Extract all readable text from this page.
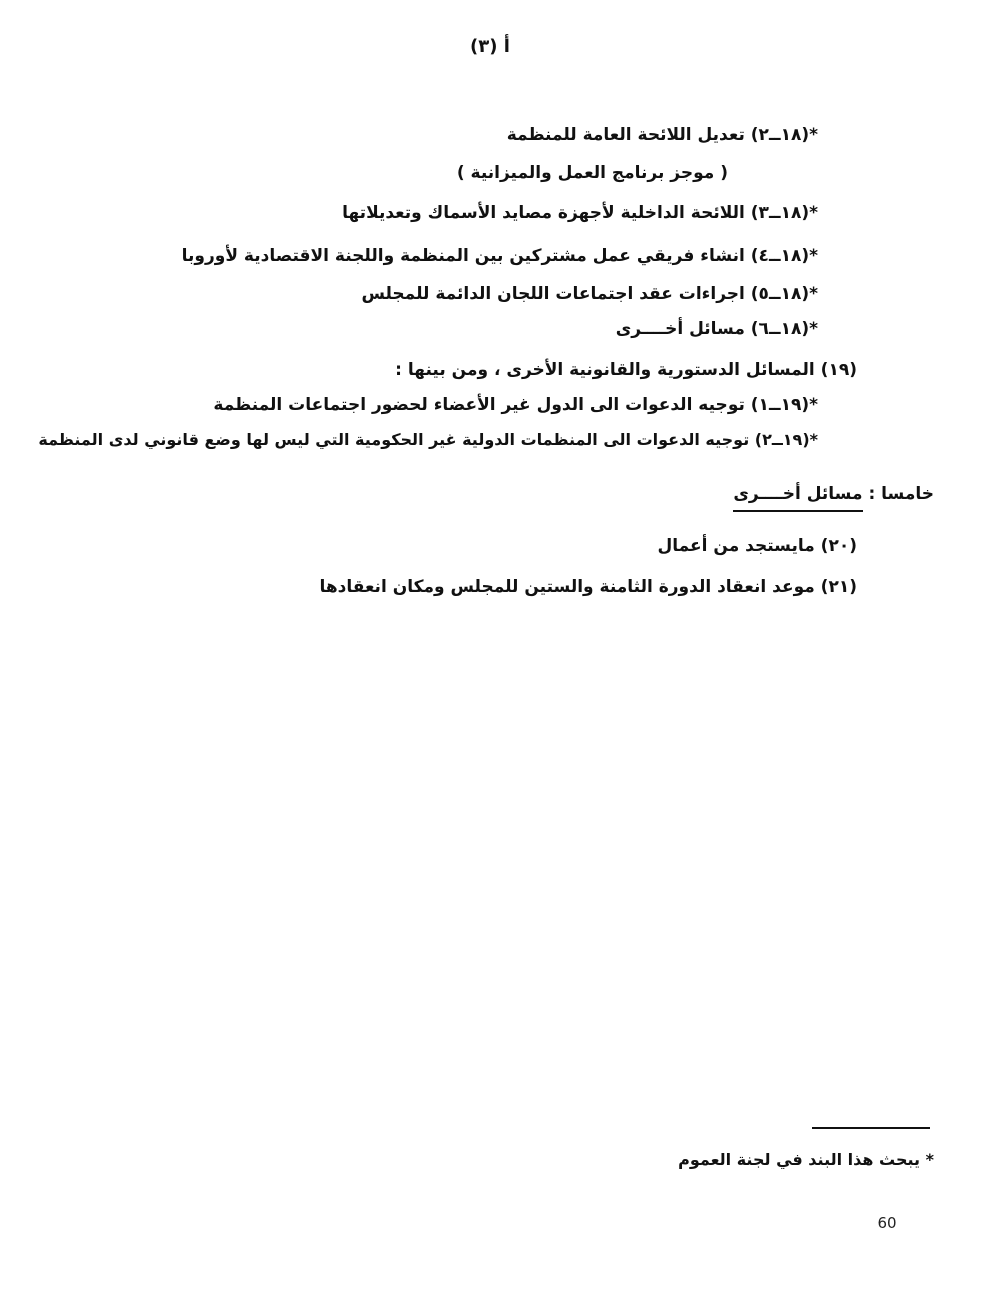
أ (٣)
*(١٨ــ٢) تعديل اللائحة العامة للمنظمة
( موجز برنامج العمل والميزانية )
*(١٨ــ٣) اللائحة الداخلية لأجهزة مصايد الأسماك وتعديلاتها
*(١٨ــ٤) انشاء فريقي عمل مشتركين بين المنظمة واللجنة الاقتصادية لأوروبا
*(١٨ــ٥) اجراءات عقد اجتماعات اللجان الدائمة للمجلس
*(١٨ــ٦) مسائل أخــــرى
(١٩) المسائل الدستورية والقانونية الأخرى ، ومن بينها :
*(١٩ــ١) توجيه الدعوات الى الدول غير الأعضاء لحضور اجتماعات المنظمة
*(١٩ــ٢) توجيه الدعوات الى المنظمات الدولية غير الحكومية التي ليس لها وضع قانوني لدى المنظمة
خامسا : مسائل أخــــرى
(٢٠) مايستجد من أعمال
(٢١) موعد انعقاد الدورة الثامنة والستين للمجلس ومكان انعقادها
* يبحث هذا البند في لجنة العموم
60
